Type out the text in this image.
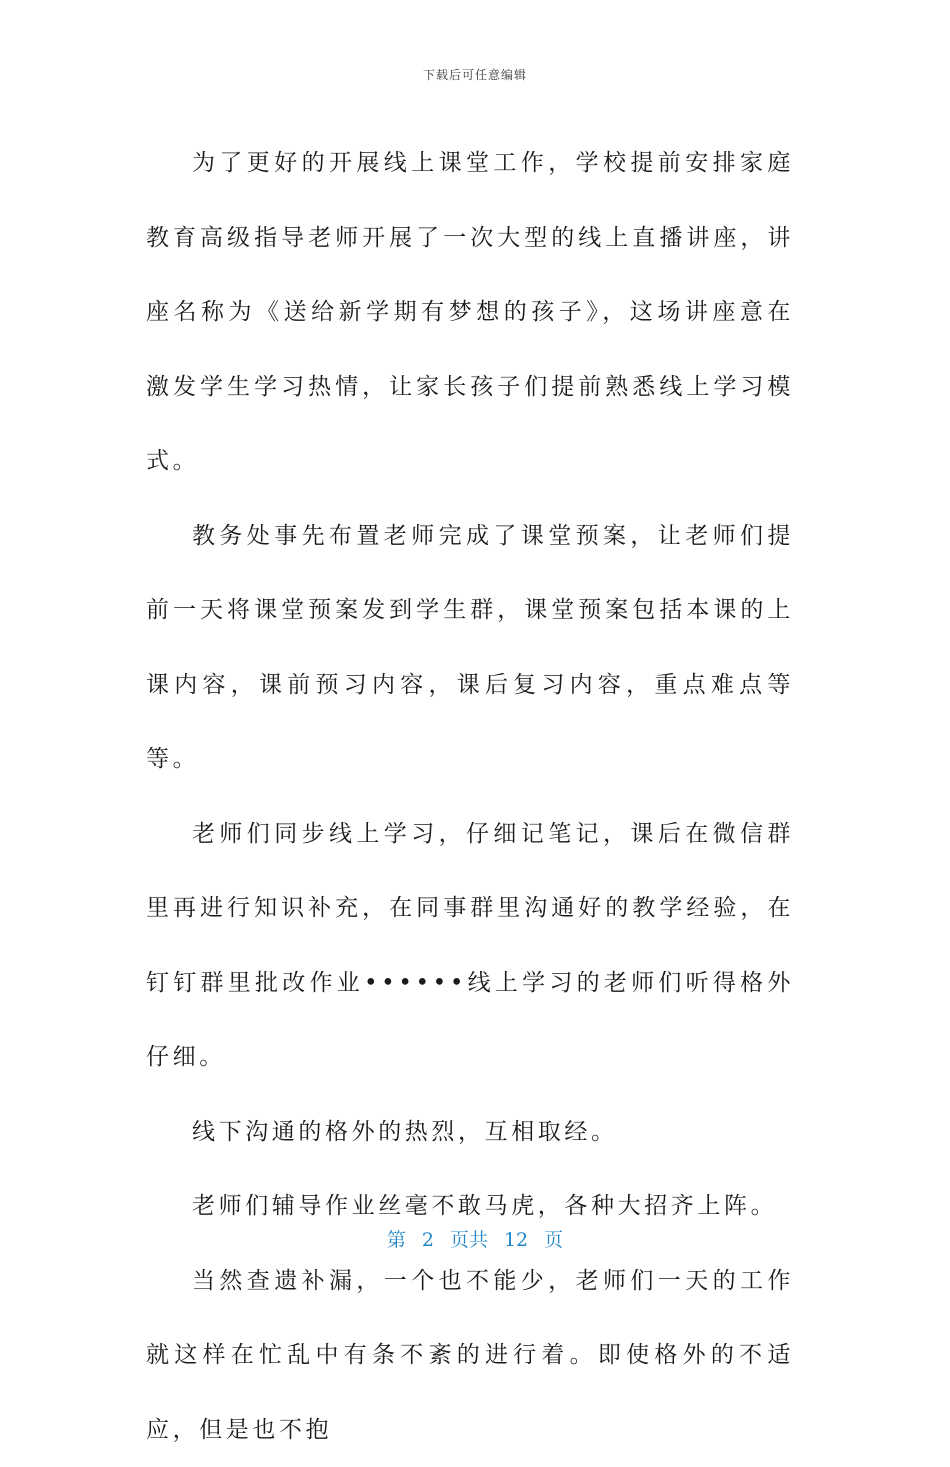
下载后可任意编辑

为了更好的开展线上课堂工作，学校提前安排家庭教育高级指导老师开展了一次大型的线上直播讲座，讲座名称为《送给新学期有梦想的孩子》，这场讲座意在激发学生学习热情，让家长孩子们提前熟悉线上学习模式。

教务处事先布置老师完成了课堂预案，让老师们提前一天将课堂预案发到学生群，课堂预案包括本课的上课内容，课前预习内容，课后复习内容，重点难点等等。

老师们同步线上学习，仔细记笔记，课后在微信群里再进行知识补充，在同事群里沟通好的教学经验，在钉钉群里批改作业••••••线上学习的老师们听得格外仔细。

线下沟通的格外的热烈，互相取经。

老师们辅导作业丝毫不敢马虎，各种大招齐上阵。

当然查遗补漏，一个也不能少，老师们一天的工作就这样在忙乱中有条不紊的进行着。即使格外的不适应，但是也不抱

第 2 页共 12 页
